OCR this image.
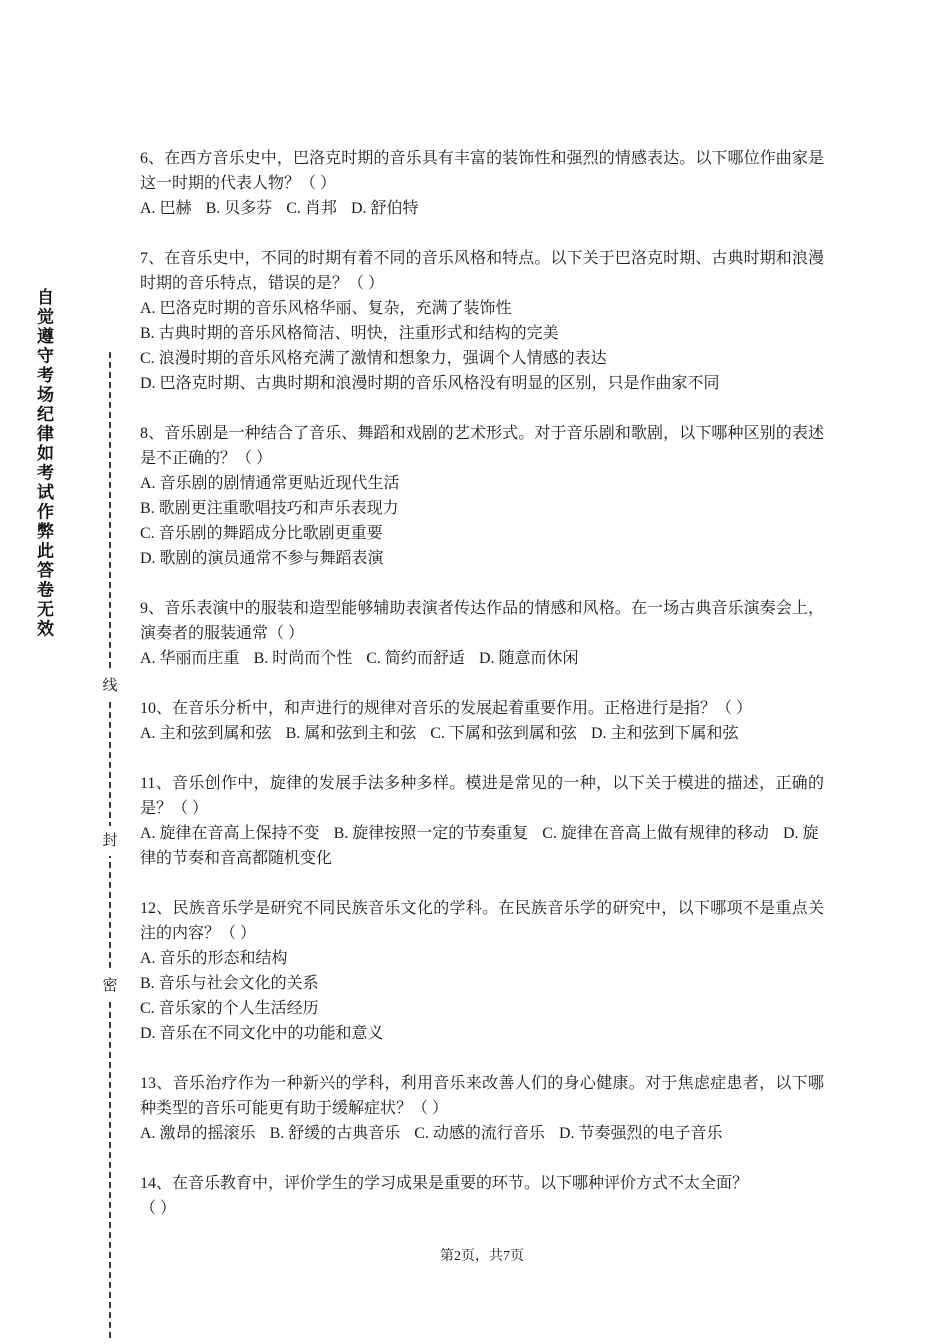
自觉遵守考场纪律如考试作弊此答卷无效
线
封
密
6、在西方音乐史中，巴洛克时期的音乐具有丰富的装饰性和强烈的情感表达。以下哪位作曲家是这一时期的代表人物？（ ）
A. 巴赫 B. 贝多芬 C. 肖邦 D. 舒伯特
7、在音乐史中，不同的时期有着不同的音乐风格和特点。以下关于巴洛克时期、古典时期和浪漫时期的音乐特点，错误的是？（ ）
A. 巴洛克时期的音乐风格华丽、复杂，充满了装饰性
B. 古典时期的音乐风格简洁、明快，注重形式和结构的完美
C. 浪漫时期的音乐风格充满了激情和想象力，强调个人情感的表达
D. 巴洛克时期、古典时期和浪漫时期的音乐风格没有明显的区别，只是作曲家不同
8、音乐剧是一种结合了音乐、舞蹈和戏剧的艺术形式。对于音乐剧和歌剧，以下哪种区别的表述是不正确的？（ ）
A. 音乐剧的剧情通常更贴近现代生活
B. 歌剧更注重歌唱技巧和声乐表现力
C. 音乐剧的舞蹈成分比歌剧更重要
D. 歌剧的演员通常不参与舞蹈表演
9、音乐表演中的服装和造型能够辅助表演者传达作品的情感和风格。在一场古典音乐演奏会上，演奏者的服装通常（ ）
A. 华丽而庄重 B. 时尚而个性 C. 简约而舒适 D. 随意而休闲
10、在音乐分析中，和声进行的规律对音乐的发展起着重要作用。正格进行是指？（ ）
A. 主和弦到属和弦 B. 属和弦到主和弦 C. 下属和弦到属和弦 D. 主和弦到下属和弦
11、音乐创作中，旋律的发展手法多种多样。模进是常见的一种，以下关于模进的描述，正确的是？（ ）
A. 旋律在音高上保持不变 B. 旋律按照一定的节奏重复 C. 旋律在音高上做有规律的移动 D. 旋律的节奏和音高都随机变化
12、民族音乐学是研究不同民族音乐文化的学科。在民族音乐学的研究中，以下哪项不是重点关注的内容？（ ）
A. 音乐的形态和结构
B. 音乐与社会文化的关系
C. 音乐家的个人生活经历
D. 音乐在不同文化中的功能和意义
13、音乐治疗作为一种新兴的学科，利用音乐来改善人们的身心健康。对于焦虑症患者，以下哪种类型的音乐可能更有助于缓解症状？（ ）
A. 激昂的摇滚乐 B. 舒缓的古典音乐 C. 动感的流行音乐 D. 节奏强烈的电子音乐
14、在音乐教育中，评价学生的学习成果是重要的环节。以下哪种评价方式不太全面？
（ ）
第2页，共7页
